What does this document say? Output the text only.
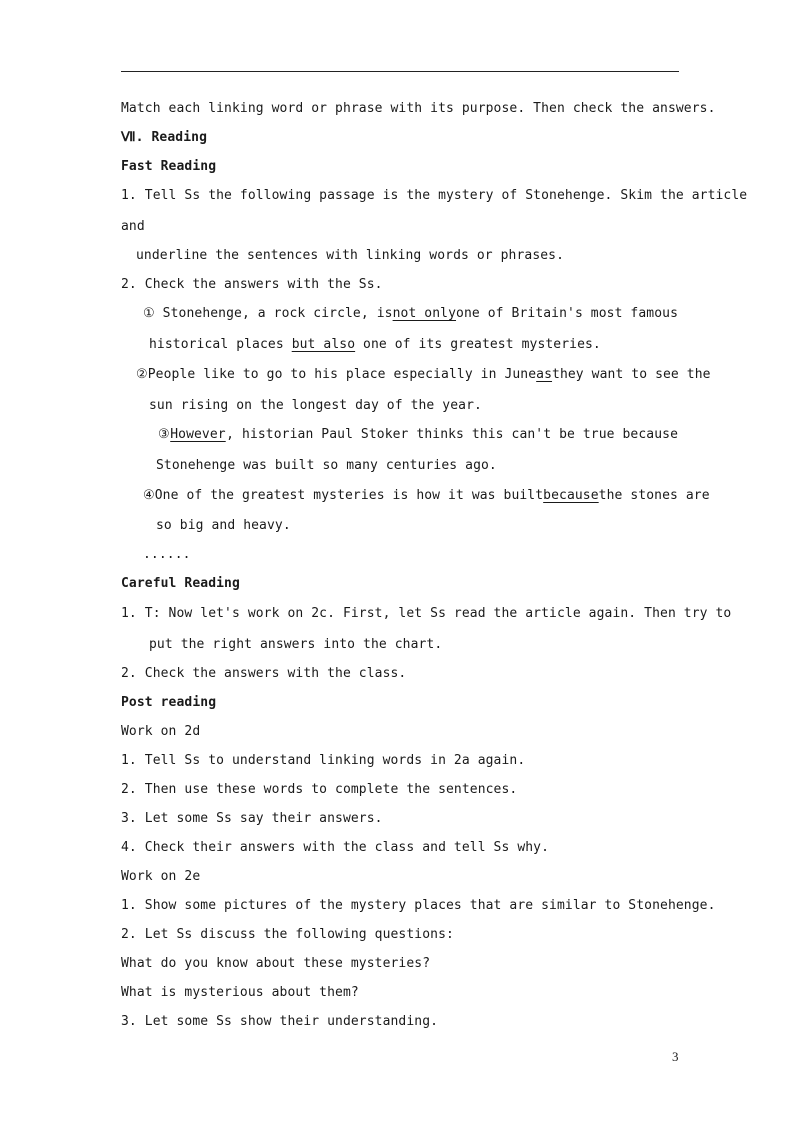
Match each linking word or phrase with its purpose. Then check the answers.
Ⅶ. Reading
Fast Reading
1. Tell Ss the following passage is the mystery of Stonehenge. Skim the article
and
underline the sentences with linking words or phrases.
2. Check the answers with the Ss.
① Stonehenge, a rock circle, is not only one of Britain's most famous
historical places but also one of its greatest mysteries.
②People like to go to his place especially in June as they want to see the
sun rising on the longest day of the year.
③ However , historian Paul Stoker thinks this can't be true because
Stonehenge was built so many centuries ago.
④One of the greatest mysteries is how it was built because the stones are
so big and heavy.
......
Careful Reading
1. T: Now let's work on 2c. First, let Ss read the article again. Then try to
put the right answers into the chart.
2. Check the answers with the class.
Post reading
Work on 2d
1. Tell Ss to understand linking words in 2a again.
2. Then use these words to complete the sentences.
3. Let some Ss say their answers.
4. Check their answers with the class and tell Ss why.
Work on 2e
1. Show some pictures of the mystery places that are similar to Stonehenge.
2. Let Ss discuss the following questions:
What do you know about these mysteries?
What is mysterious about them?
3. Let some Ss show their understanding.
3
